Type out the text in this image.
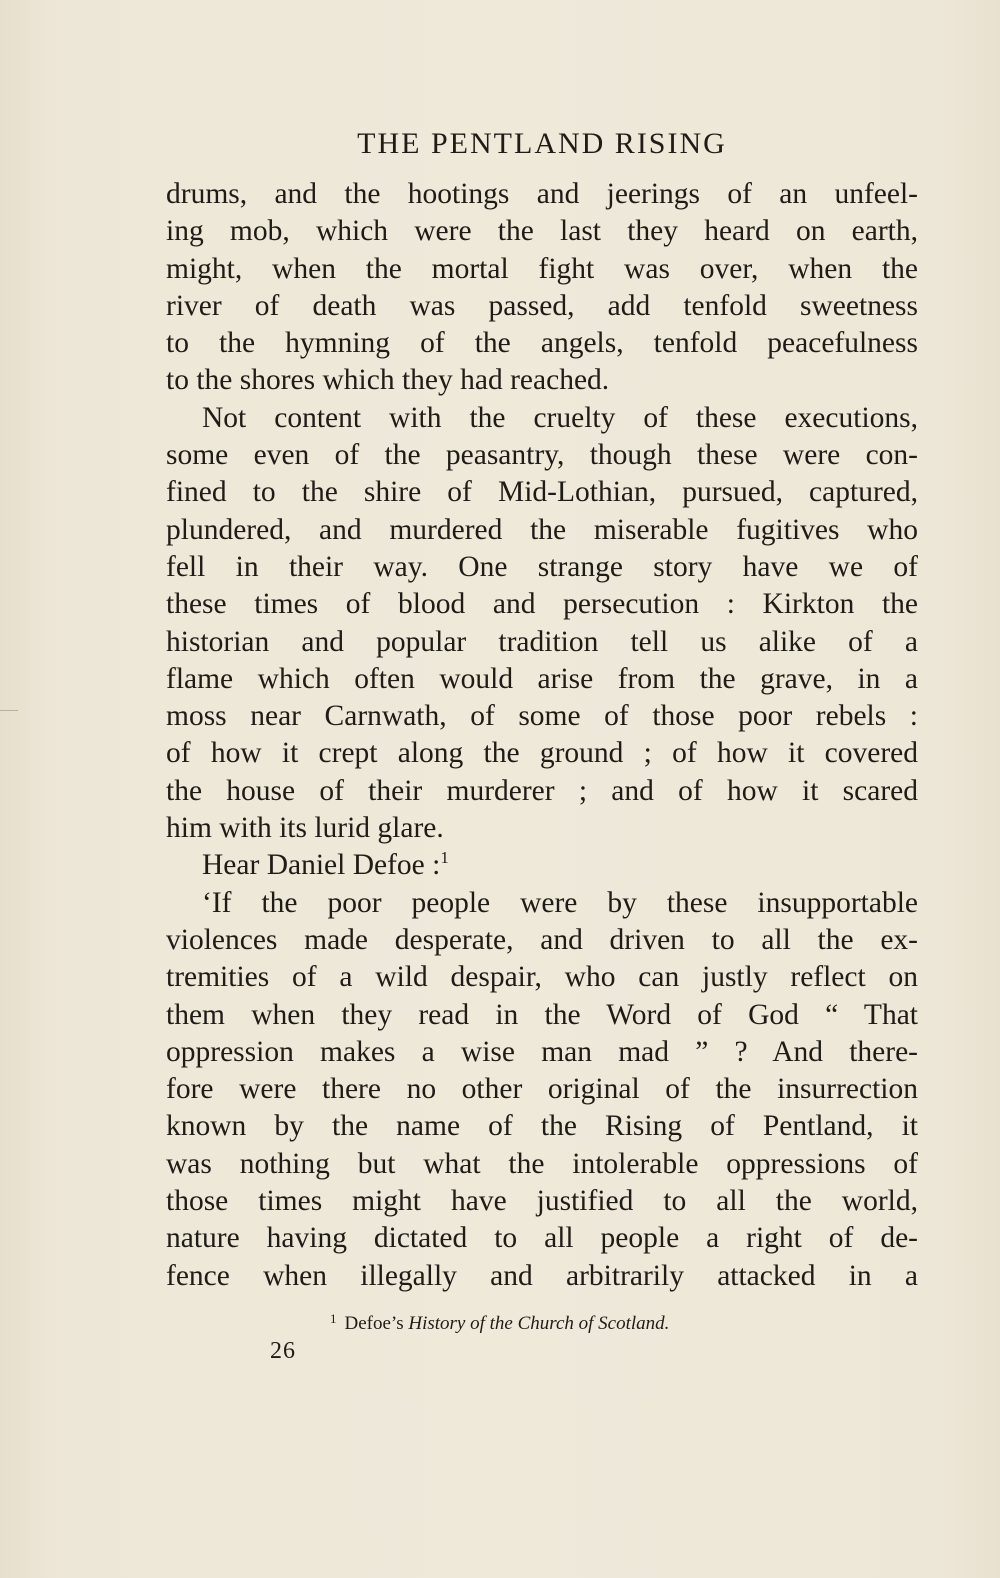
THE PENTLAND RISING
drums, and the hootings and jeerings of an unfeel-
ing mob, which were the last they heard on earth,
might, when the mortal fight was over, when the
river of death was passed, add tenfold sweetness
to the hymning of the angels, tenfold peacefulness
to the shores which they had reached.
Not content with the cruelty of these executions,
some even of the peasantry, though these were con-
fined to the shire of Mid-Lothian, pursued, captured,
plundered, and murdered the miserable fugitives who
fell in their way. One strange story have we of
these times of blood and persecution : Kirkton the
historian and popular tradition tell us alike of a
flame which often would arise from the grave, in a
moss near Carnwath, of some of those poor rebels :
of how it crept along the ground ; of how it covered
the house of their murderer ; and of how it scared
him with its lurid glare.
Hear Daniel Defoe :$^1$
‘If the poor people were by these insupportable
violences made desperate, and driven to all the ex-
tremities of a wild despair, who can justly reflect on
them when they read in the Word of God “ That
oppression makes a wise man mad ” ? And there-
fore were there no other original of the insurrection
known by the name of the Rising of Pentland, it
was nothing but what the intolerable oppressions of
those times might have justified to all the world,
nature having dictated to all people a right of de-
fence when illegally and arbitrarily attacked in a
$^1$ Defoe’s History of the Church of Scotland.
26
